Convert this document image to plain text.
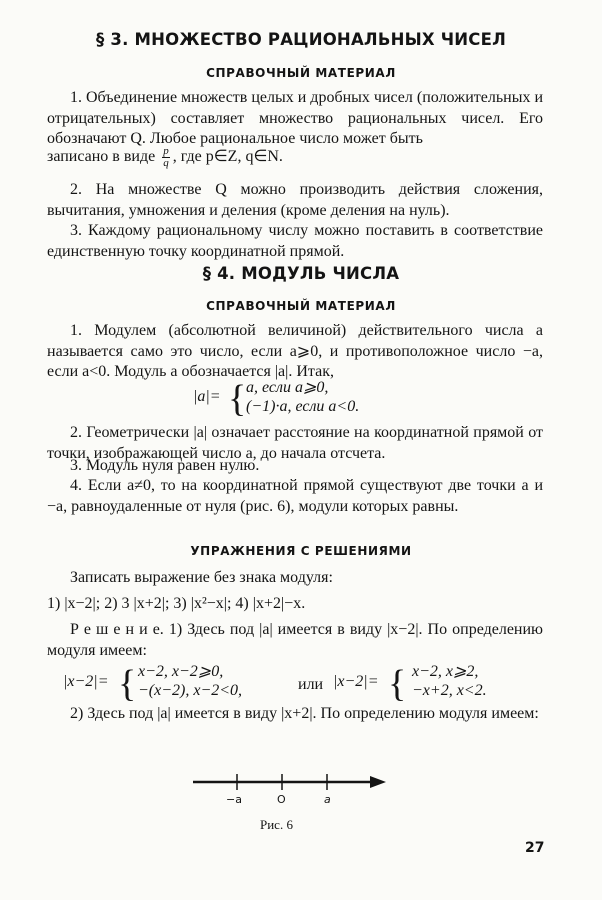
§ 3. МНОЖЕСТВО РАЦИОНАЛЬНЫХ ЧИСЕЛ
СПРАВОЧНЫЙ МАТЕРИАЛ
1. Объединение множеств целых и дробных чисел (положительных и отрицательных) составляет множество рациональных чисел. Его обозначают Q. Любое рациональное число может быть
записано в виде $\frac{p}{q}$ , где p∈Z, q∈N.
2. На множестве Q можно производить действия сложения, вычитания, умножения и деления (кроме деления на нуль).
3. Каждому рациональному числу можно поставить в соответствие единственную точку координатной прямой.
§ 4. МОДУЛЬ ЧИСЛА
СПРАВОЧНЫЙ МАТЕРИАЛ
1. Модулем (абсолютной величиной) действительного числа a называется само это число, если a⩾0, и противоположное число −a, если a<0. Модуль a обозначается |a|. Итак,
|a|= { a, если a⩾0,
(−1)·a, если a<0.
2. Геометрически |a| означает расстояние на координатной прямой от точки, изображающей число a, до начала отсчета.
3. Модуль нуля равен нулю.
4. Если a≠0, то на координатной прямой существуют две точки a и −a, равноудаленные от нуля (рис. 6), модули которых равны.
УПРАЖНЕНИЯ С РЕШЕНИЯМИ
Записать выражение без знака модуля:
1) |x−2|; 2) 3 |x+2|; 3) |x²−x|; 4) |x+2|−x.
Р е ш е н и е. 1) Здесь под |a| имеется в виду |x−2|. По определению модуля имеем:
|x−2|= { x−2, x−2⩾0,
−(x−2), x−2<0,	или |x−2|= { x−2, x⩾2,
−x+2, x<2.
2) Здесь под |a| имеется в виду |x+2|. По определению модуля имеем:
−a	O	a
Рис. 6
27
